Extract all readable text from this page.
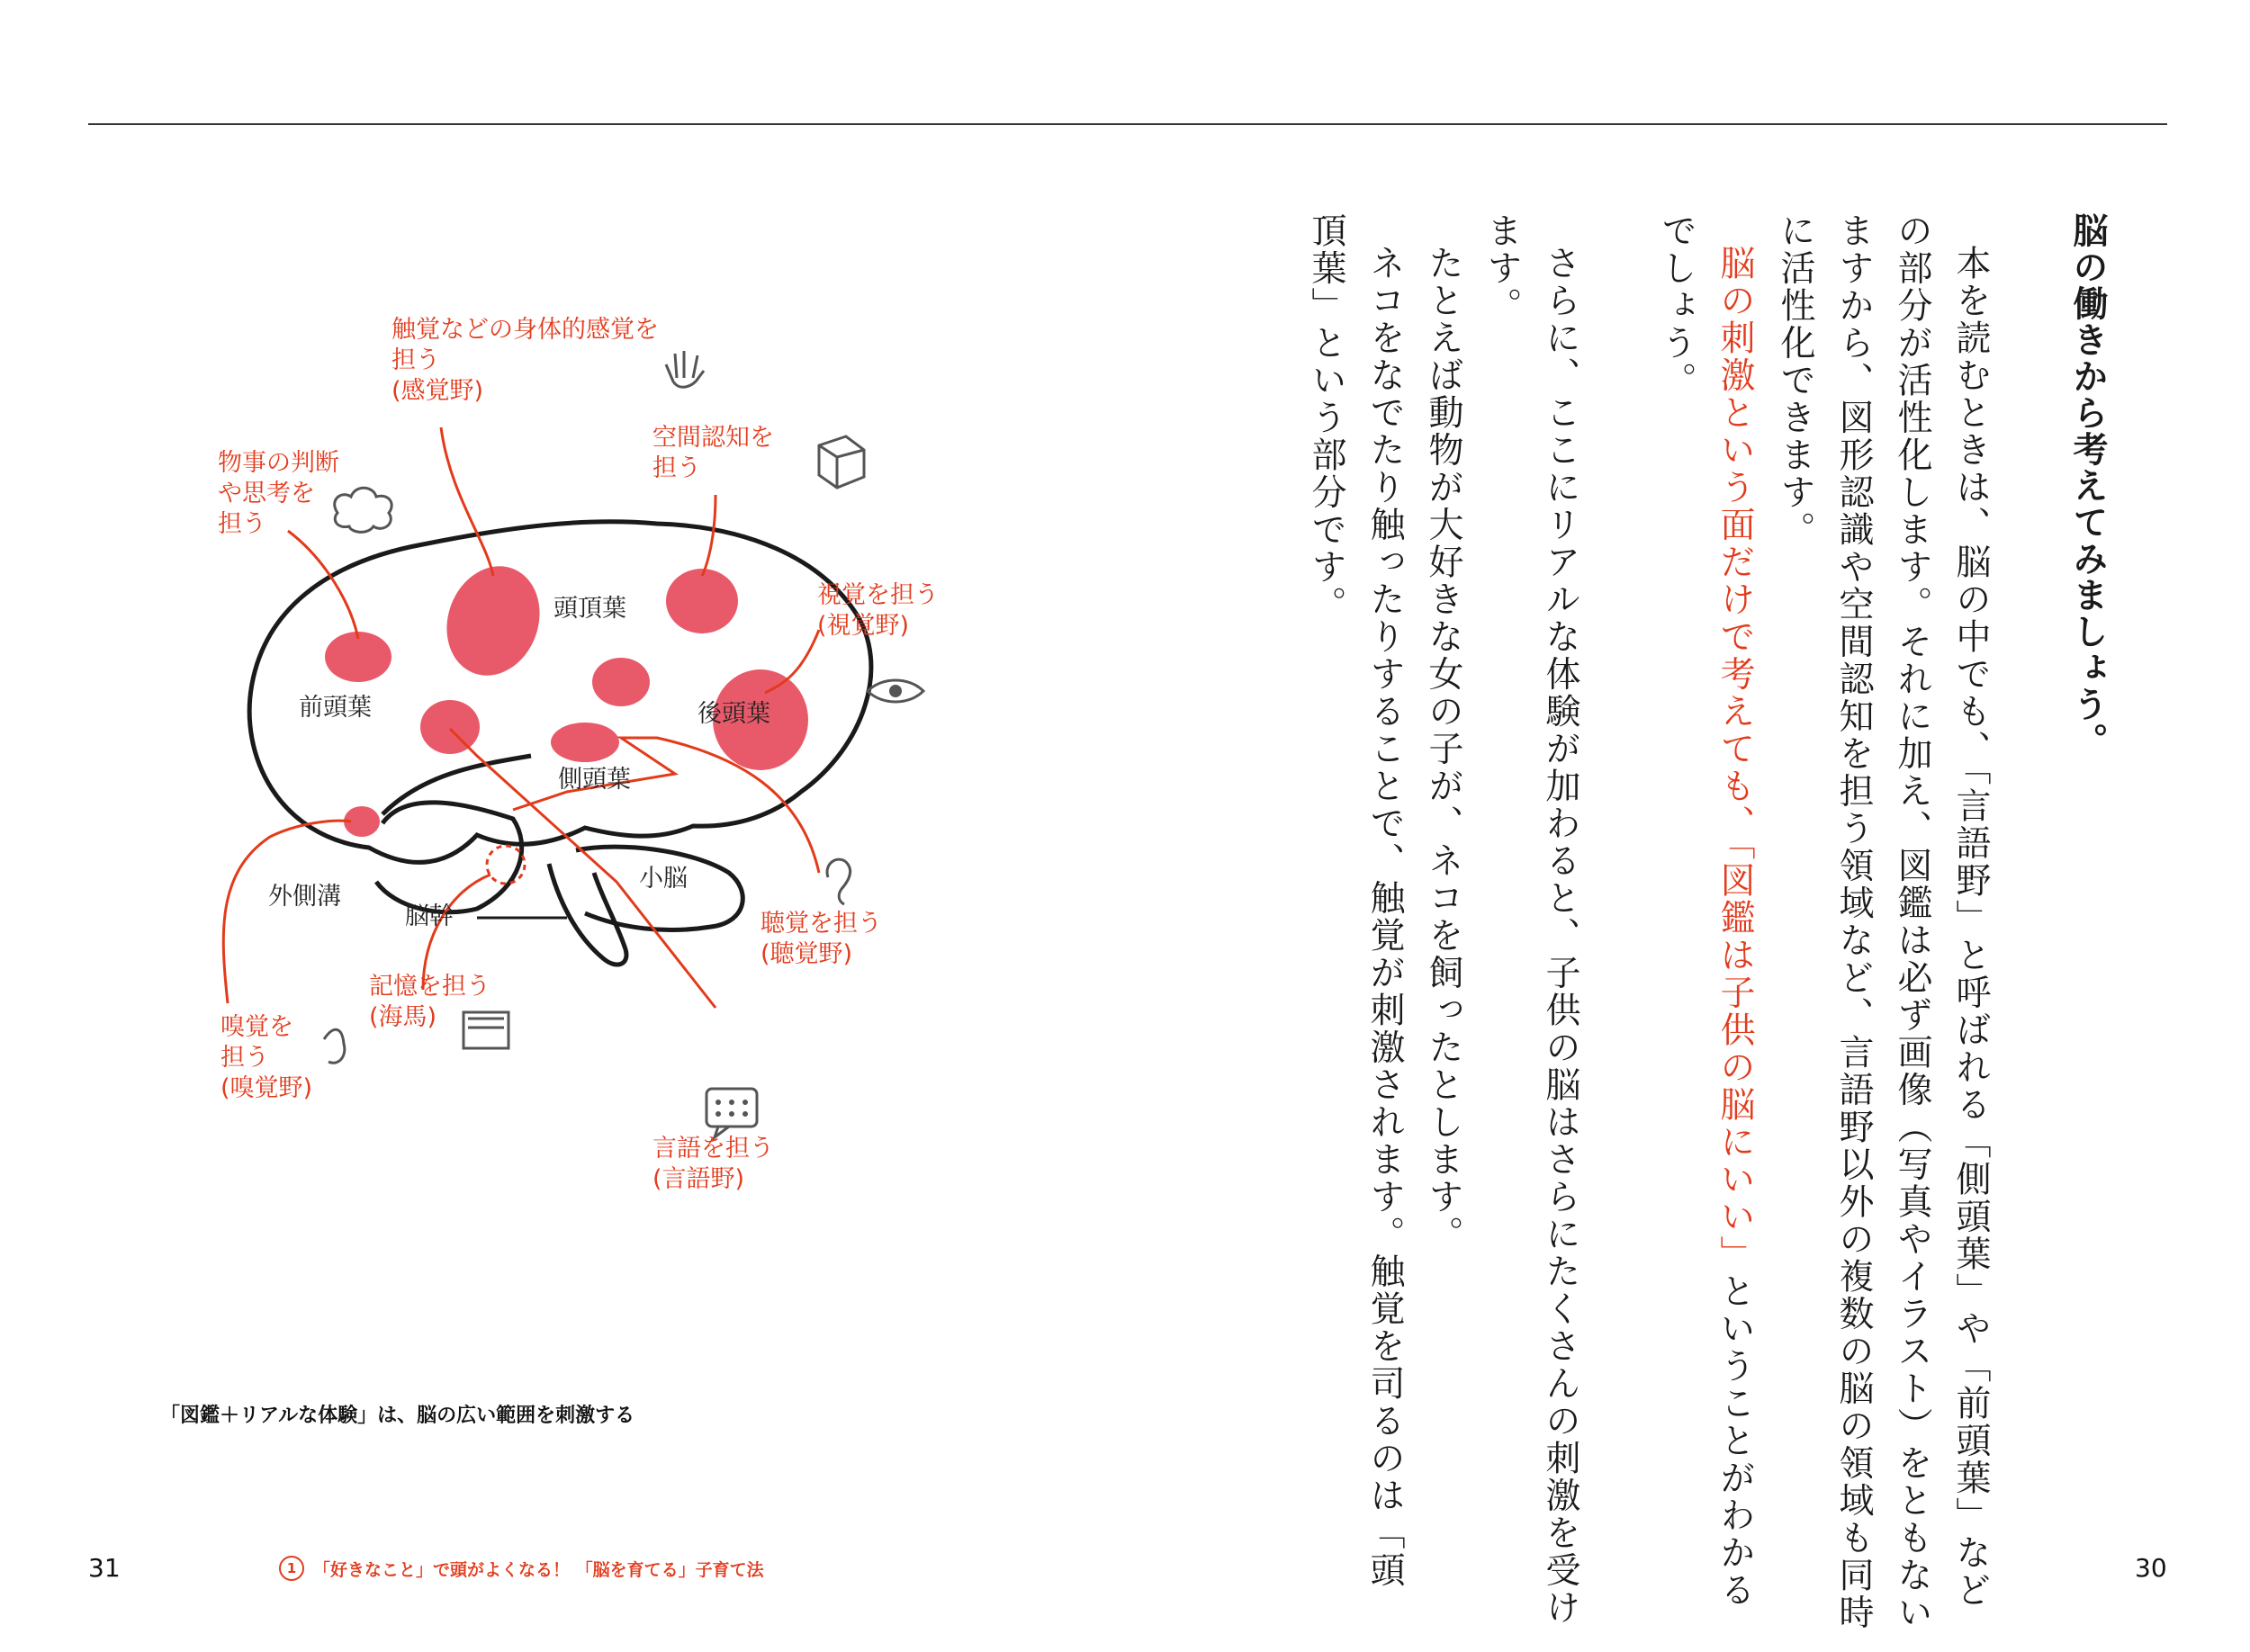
脳の働きから考えてみましょう。
本を読むときは、脳の中でも、「言語野」と呼ばれる「側頭葉」や「前頭葉」など
の部分が活性化します。それに加え、図鑑は必ず画像（写真やイラスト）をともない
ますから、図形認識や空間認知を担う領域など、言語野以外の複数の脳の領域も同時
に活性化できます。
脳の刺激という面だけで考えても、「図鑑は子供の脳にいい」ということがわかる
でしょう。
さらに、ここにリアルな体験が加わると、子供の脳はさらにたくさんの刺激を受け
ます。
たとえば動物が大好きな女の子が、ネコを飼ったとします。
ネコをなでたり触ったりすることで、触覚が刺激されます。触覚を司るのは「頭
頂葉」という部分です。
頭頂葉
前頭葉	後頭葉
側頭葉
外側溝
小脳
脳幹
触覚などの身体的感覚を
担う
(感覚野)
物事の判断
や思考を
担う
空間認知を
担う
視覚を担う
(視覚野)
聴覚を担う
(聴覚野)
記憶を担う
(海馬)
嗅覚を
担う
(嗅覚野)
言語を担う
(言語野)
「図鑑＋リアルな体験」は、脳の広い範囲を刺激する
31	1 「好きなこと」で頭がよくなる！ 「脳を育てる」子育て法	30
